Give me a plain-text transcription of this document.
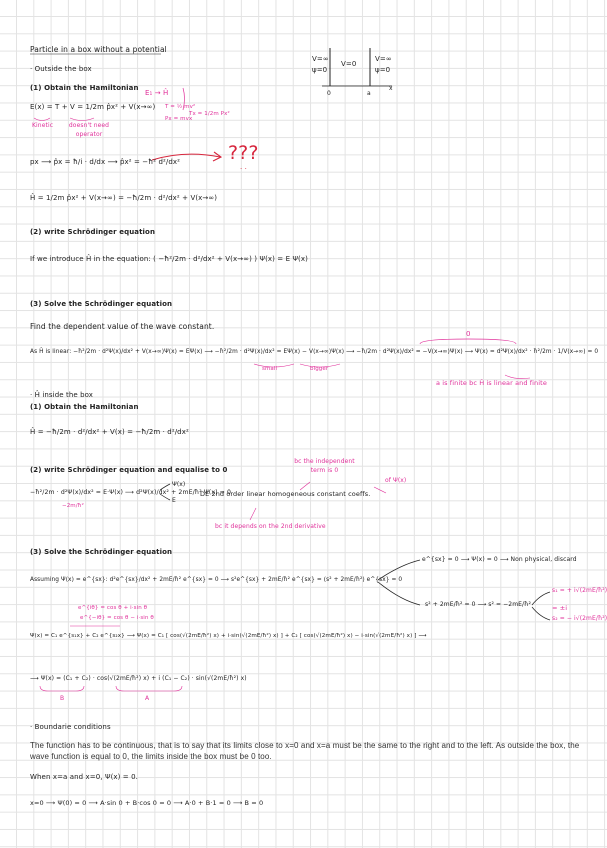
Particle in a box without a potential
· Outside the box
V=∞
ψ=0
V=0
V=∞
ψ=0
0	a
x
(1) Obtain the Hamiltonian
E₁ → Ĥ
E(x) = T + V = 1/2m p̂x² + V(x→∞) T = ½ mv²
Tx = 1/2m Px²
Px = mvx
Kinetic	doesn't need operator
px ⟶ p̂x = ħ/i · d/dx ⟶ p̂x² = −ħ² d²/dx²	???
· ·
Ĥ = 1/2m p̂x² + V(x→∞) = −ħ/2m · d²/dx² + V(x→∞)
(2) write Schrödinger equation
If we introduce Ĥ in the equation: ( −ħ²/2m · d²/dx² + V(x→∞) ) Ψ(x) = E Ψ(x)
(3) Solve the Schrödinger equation
Find the dependent value of the wave constant.
0
As Ĥ is linear: −ħ²/2m · d²Ψ(x)/dx² + V(x→∞)Ψ(x) = EΨ(x) ⟶ −ħ²/2m · d²Ψ(x)/dx² = EΨ(x) − V(x→∞)Ψ(x) ⟶ −ħ/2m · d²Ψ(x)/dx² = −V(x→∞)Ψ(x) ⟶ Ψ(x) = d²Ψ(x)/dx² · ħ²/2m · 1/V(x→∞) = 0
small	bigger
a is finite bc Ĥ is linear and finite
· Ĥ inside the box
(1) Obtain the Hamiltonian
Ĥ = −ħ/2m · d²/dx² + V(x) = −ħ/2m · d²/dx²
(2) write Schrödinger equation and equalise to 0
bc the independent term is 0
of Ψ(x)
−ħ²/2m · d²Ψ(x)/dx² = E·Ψ(x) ⟶ d²Ψ(x)/dx² + 2mE/ħ² Ψ(x) = 0
Ψ(x)
E
DE 2nd order linear homogeneous constant coeffs.
−2m/ħ²
bc it depends on the 2nd derivative
(3) Solve the Schrödinger equation
e^{sx} = 0 ⟶ Ψ(x) = 0 ⟶ Non physical, discard
Assuming Ψ(x) = e^{sx}: d²e^{sx}/dx² + 2mE/ħ² e^{sx} = 0 ⟶ s²e^{sx} + 2mE/ħ² e^{sx} = (s² + 2mE/ħ²) e^{sx} = 0
s₁ = + i√(2mE/ħ²)
= ±i
s² + 2mE/ħ² = 0 ⟶ s² = −2mE/ħ²
s₂ = − i√(2mE/ħ²)
e^{iθ} = cos θ + i·sin θ
e^{−iθ} = cos θ − i·sin θ
Ψ(x) = C₁ e^{s₁x} + C₂ e^{s₂x} ⟶ Ψ(x) = C₁ [ cos(√(2mE/ħ²) x) + i·sin(√(2mE/ħ²) x) ] + C₂ [ cos(√(2mE/ħ²) x) − i·sin(√(2mE/ħ²) x) ] ⟶
⟶ Ψ(x) = (C₁ + C₂) · cos(√(2mE/ħ²) x) + i (C₁ − C₂) · sin(√(2mE/ħ²) x)
B	A
· Boundarie conditions
The function has to be continuous, that is to say that its limits close to x=0 and x=a must be the same to the right and to the left. As outside the box, the wave function is equal to 0, the limits inside the box must be 0 too.
When x=a and x=0, Ψ(x) = 0.
x=0 ⟶ Ψ(0) = 0 ⟶ A·sin 0 + B·cos 0 = 0 ⟶ A·0 + B·1 = 0 ⟶ B = 0
